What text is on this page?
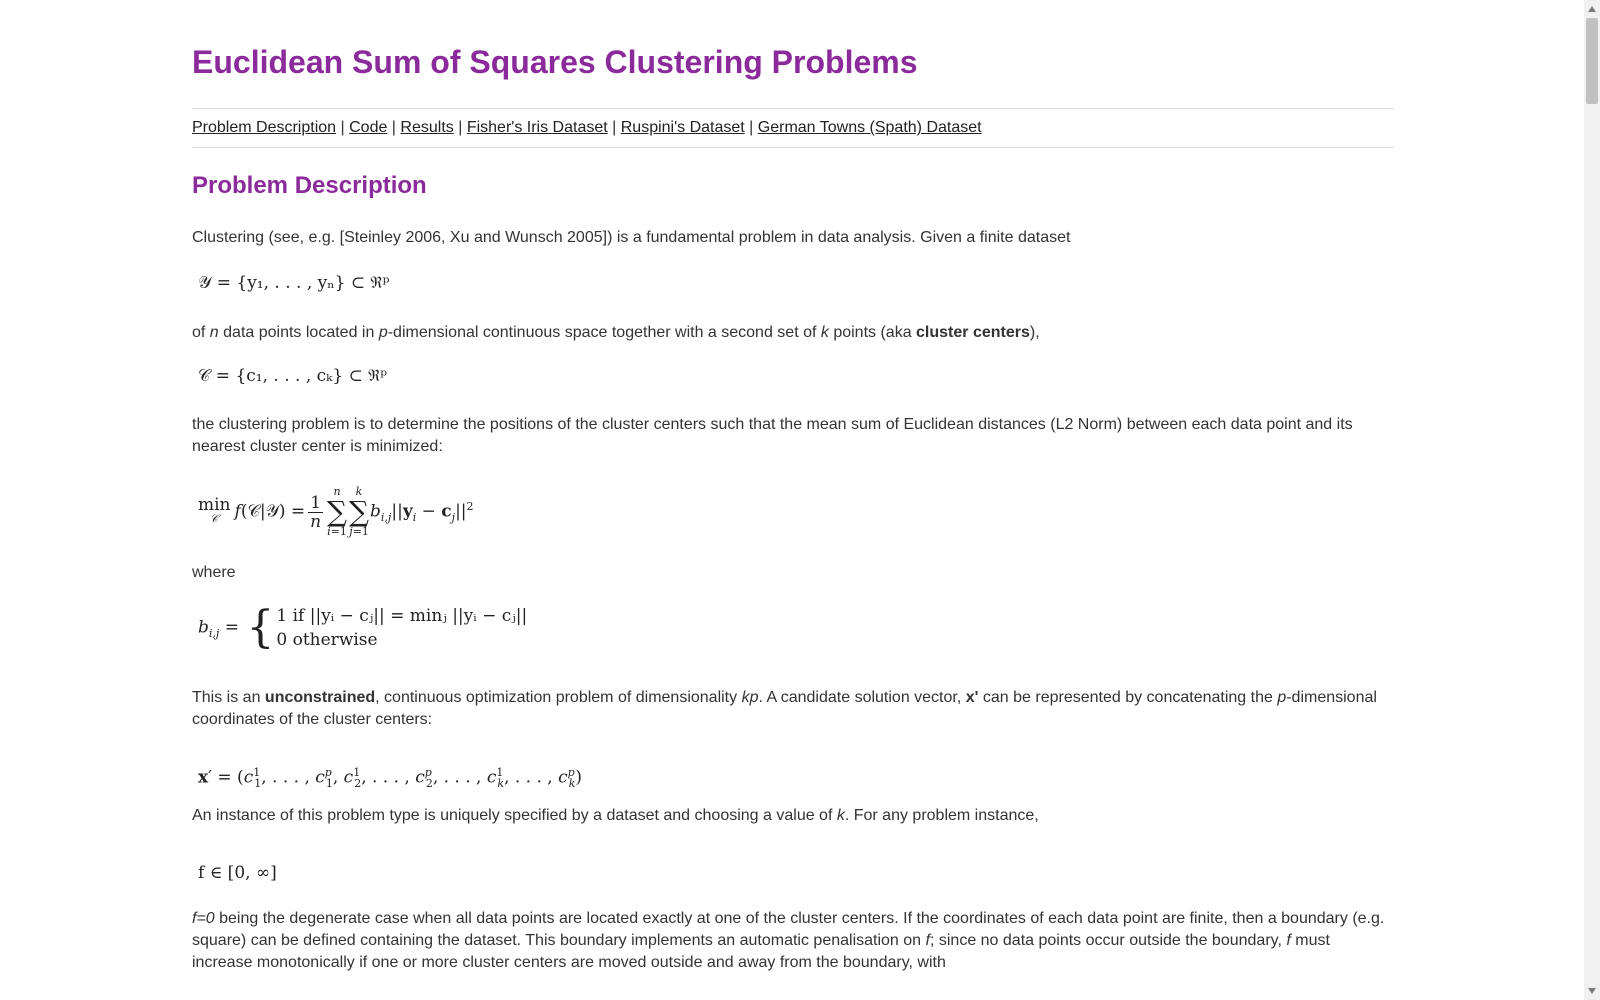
Euclidean Sum of Squares Clustering Problems
Problem Description | Code | Results | Fisher's Iris Dataset | Ruspini's Dataset | German Towns (Spath) Dataset
Problem Description

Clustering (see, e.g. [Steinley 2006, Xu and Wunsch 2005]) is a fundamental problem in data analysis. Given a finite dataset

𝒴 = {y₁, . . . , yₙ} ⊂ ℜᵖ

of n data points located in p-dimensional continuous space together with a second set of k points (aka cluster centers),

𝒞 = {c₁, . . . , cₖ} ⊂ ℜᵖ

the clustering problem is to determine the positions of the cluster centers such that the mean sum of Euclidean distances (L2 Norm) between each data point and its nearest cluster center is minimized:

min
𝒞 f(𝒞|𝒴) = $\frac{1}{n}$
n
∑
i=1
k
∑
j=1
$b_{i,j}||y_i - c_j||^2$

where

$b_{i,j}$ = { 1 if ||yᵢ − cⱼ|| = minⱼ ||yᵢ − cⱼ||
0 otherwise

This is an unconstrained, continuous optimization problem of dimensionality kp. A candidate solution vector, x' can be represented by concatenating the p-dimensional coordinates of the cluster centers:

$x' = (c^1_1$, . . . , $c^p_1$, $c^1_2$, . . . , $c^p_2$, . . . , $c^1_k$, . . . , $c^p_k$)

An instance of this problem type is uniquely specified by a dataset and choosing a value of k. For any problem instance,

f ∈ [0, ∞]

f=0 being the degenerate case when all data points are located exactly at one of the cluster centers. If the coordinates of each data point are finite, then a boundary (e.g. square) can be defined containing the dataset. This boundary implements an automatic penalisation on f; since no data points occur outside the boundary, f must increase monotonically if one or more cluster centers are moved outside and away from the boundary, with
